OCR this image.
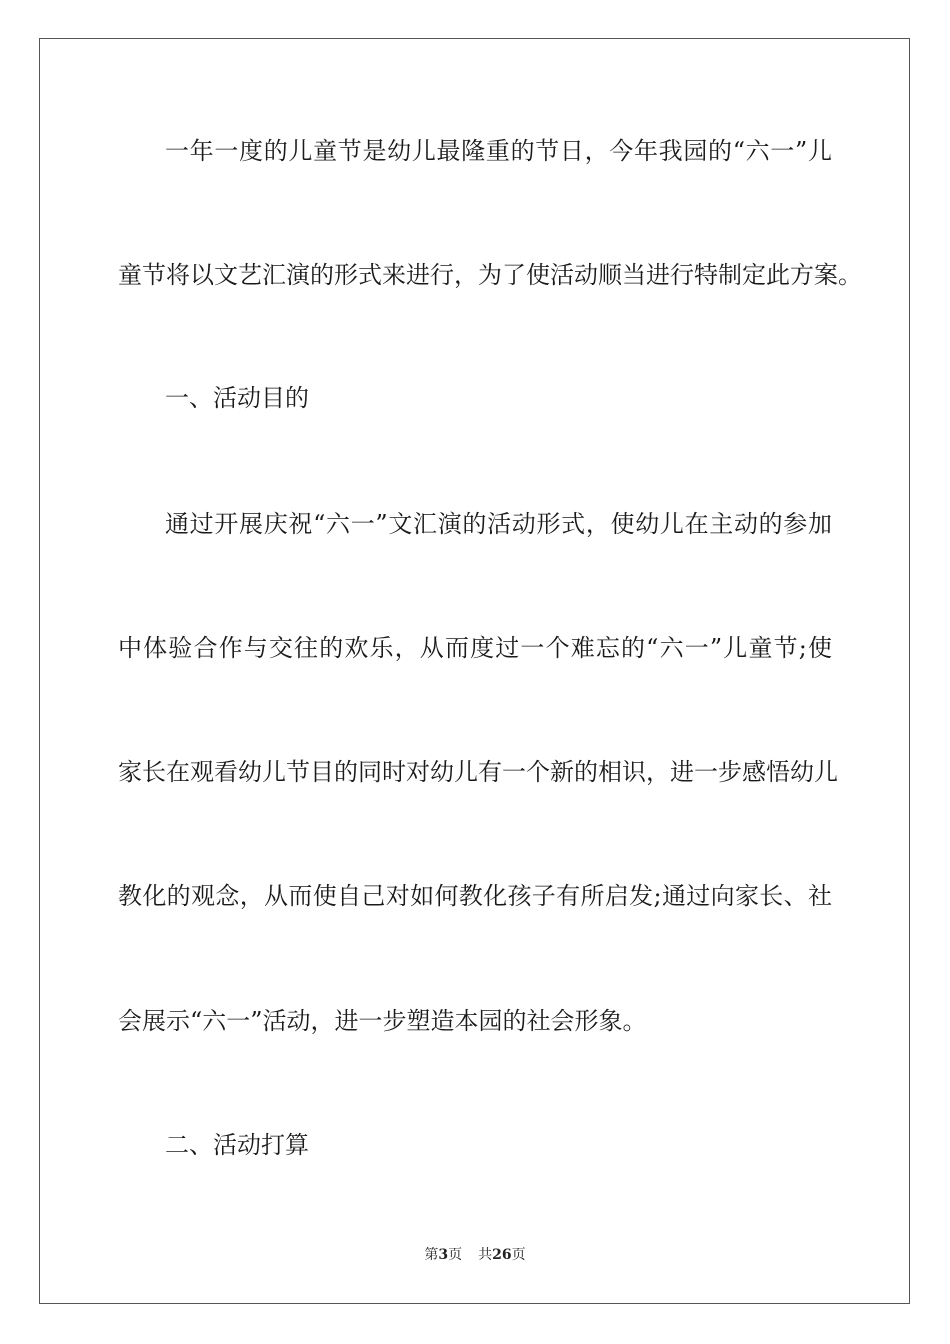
一年一度的儿童节是幼儿最隆重的节日，今年我园的“六一”儿

童节将以文艺汇演的形式来进行，为了使活动顺当进行特制定此方案。

一、活动目的

通过开展庆祝“六一”文汇演的活动形式，使幼儿在主动的参加

中体验合作与交往的欢乐，从而度过一个难忘的“六一”儿童节;使

家长在观看幼儿节目的同时对幼儿有一个新的相识，进一步感悟幼儿

教化的观念，从而使自己对如何教化孩子有所启发;通过向家长、社

会展示“六一”活动，进一步塑造本园的社会形象。

二、活动打算

第3页 共26页
